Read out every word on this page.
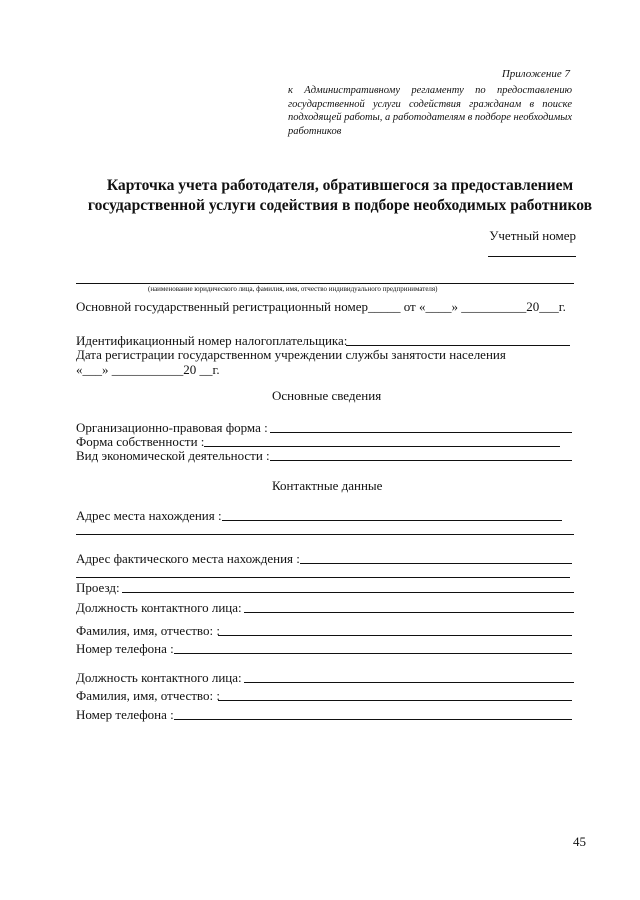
Приложение 7
к Административному регламенту по предоставлению государственной услуги содействия гражданам в поиске подходящей работы, а работодателям в подборе необходимых работников
Карточка учета работодателя, обратившегося за предоставлением
государственной услуги содействия в подборе необходимых работников
Учетный номер
(наименование юридического лица, фамилия, имя, отчество индивидуального предпринимателя)
Основной государственный регистрационный номер_____ от «____» __________20___г.
Идентификационный номер налогоплательщика:
Дата регистрации государственном учреждении службы занятости населения
«___» ___________20 __г.
Основные сведения
Организационно-правовая форма :
Форма собственности :
Вид экономической деятельности :
Контактные данные
Адрес места нахождения :
Адрес фактического места нахождения :
Проезд:
Должность контактного лица:
Фамилия, имя, отчество: :
Номер телефона :
Должность контактного лица:
Фамилия, имя, отчество: :
Номер телефона :
45
